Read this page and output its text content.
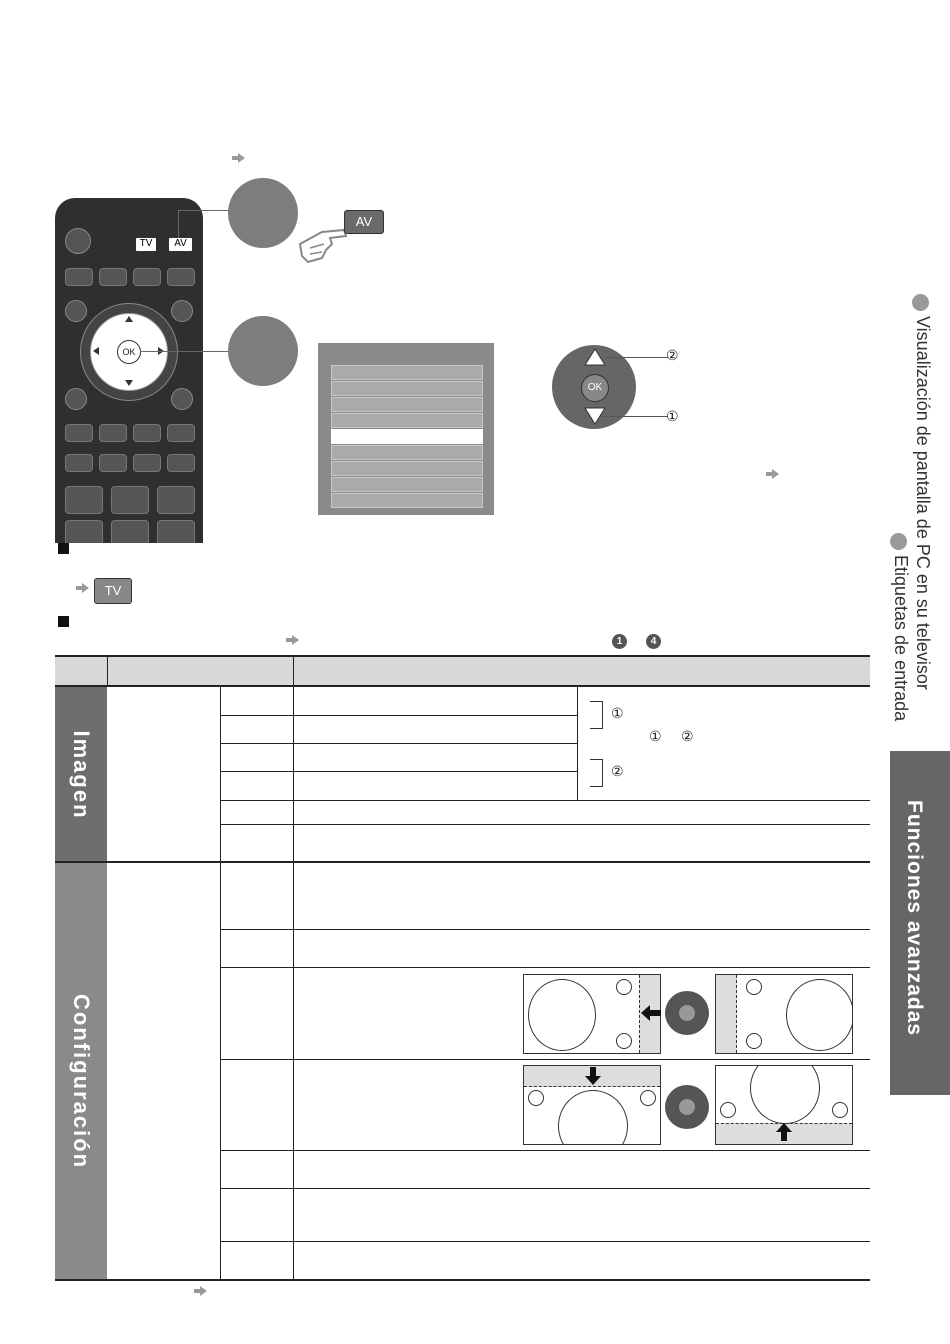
TV	AV
OK
AV
OK
②
①
TV
1	4
①
① ②
②
Imagen
Configuración
Visualización de pantalla de PC en su televisor
Etiquetas de entrada
Funciones avanzadas
